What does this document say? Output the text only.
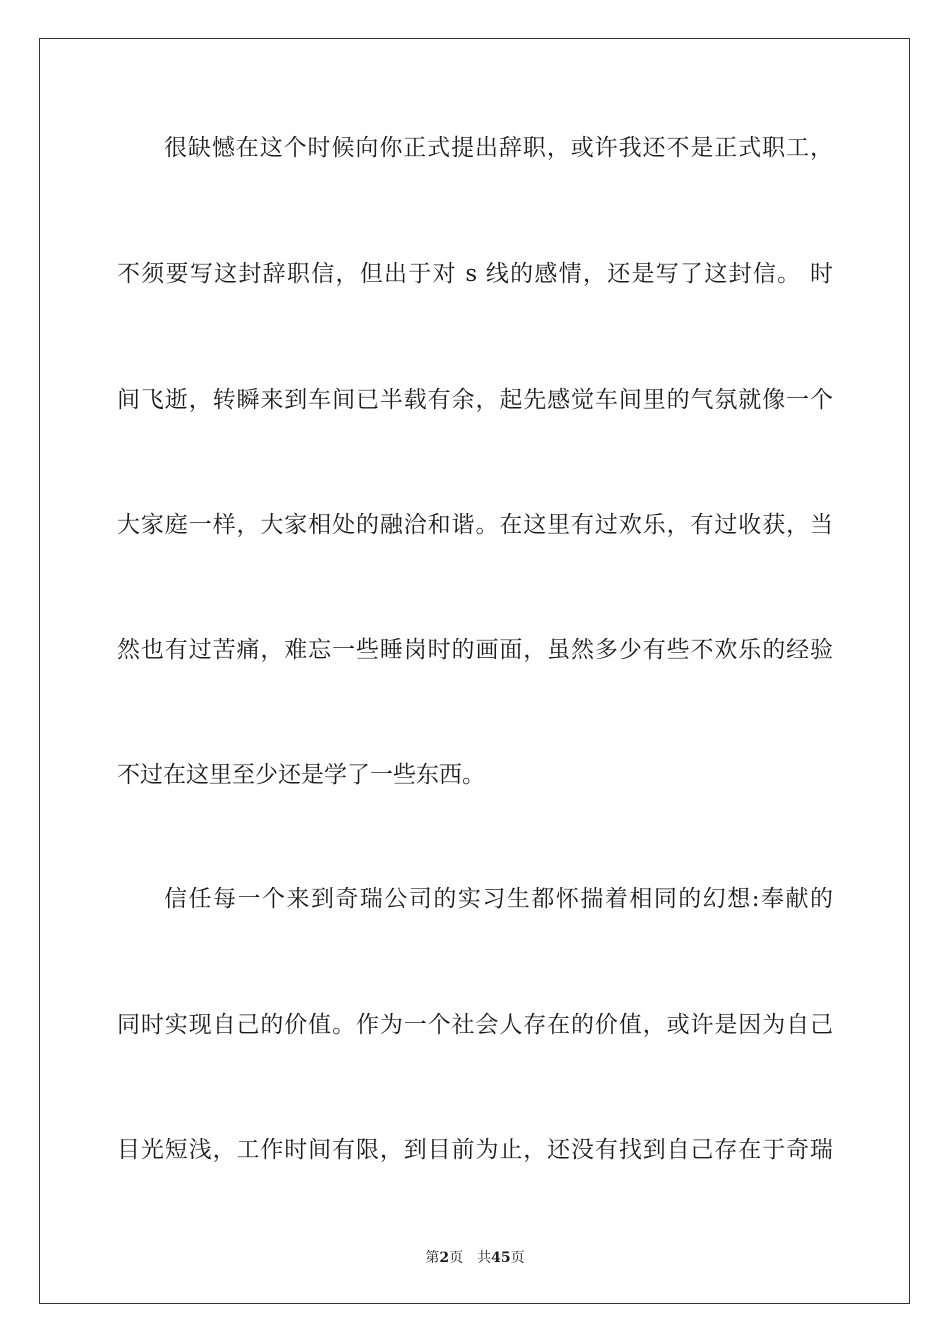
很缺憾在这个时候向你正式提出辞职，或许我还不是正式职工，
不须要写这封辞职信，但出于对 s 线的感情，还是写了这封信。 时
间飞逝，转瞬来到车间已半载有余，起先感觉车间里的气氛就像一个
大家庭一样，大家相处的融洽和谐。在这里有过欢乐，有过收获，当
然也有过苦痛，难忘一些睡岗时的画面，虽然多少有些不欢乐的经验
不过在这里至少还是学了一些东西。
信任每一个来到奇瑞公司的实习生都怀揣着相同的幻想:奉献的
同时实现自己的价值。作为一个社会人存在的价值，或许是因为自己
目光短浅，工作时间有限，到目前为止，还没有找到自己存在于奇瑞
第2页 共45页
